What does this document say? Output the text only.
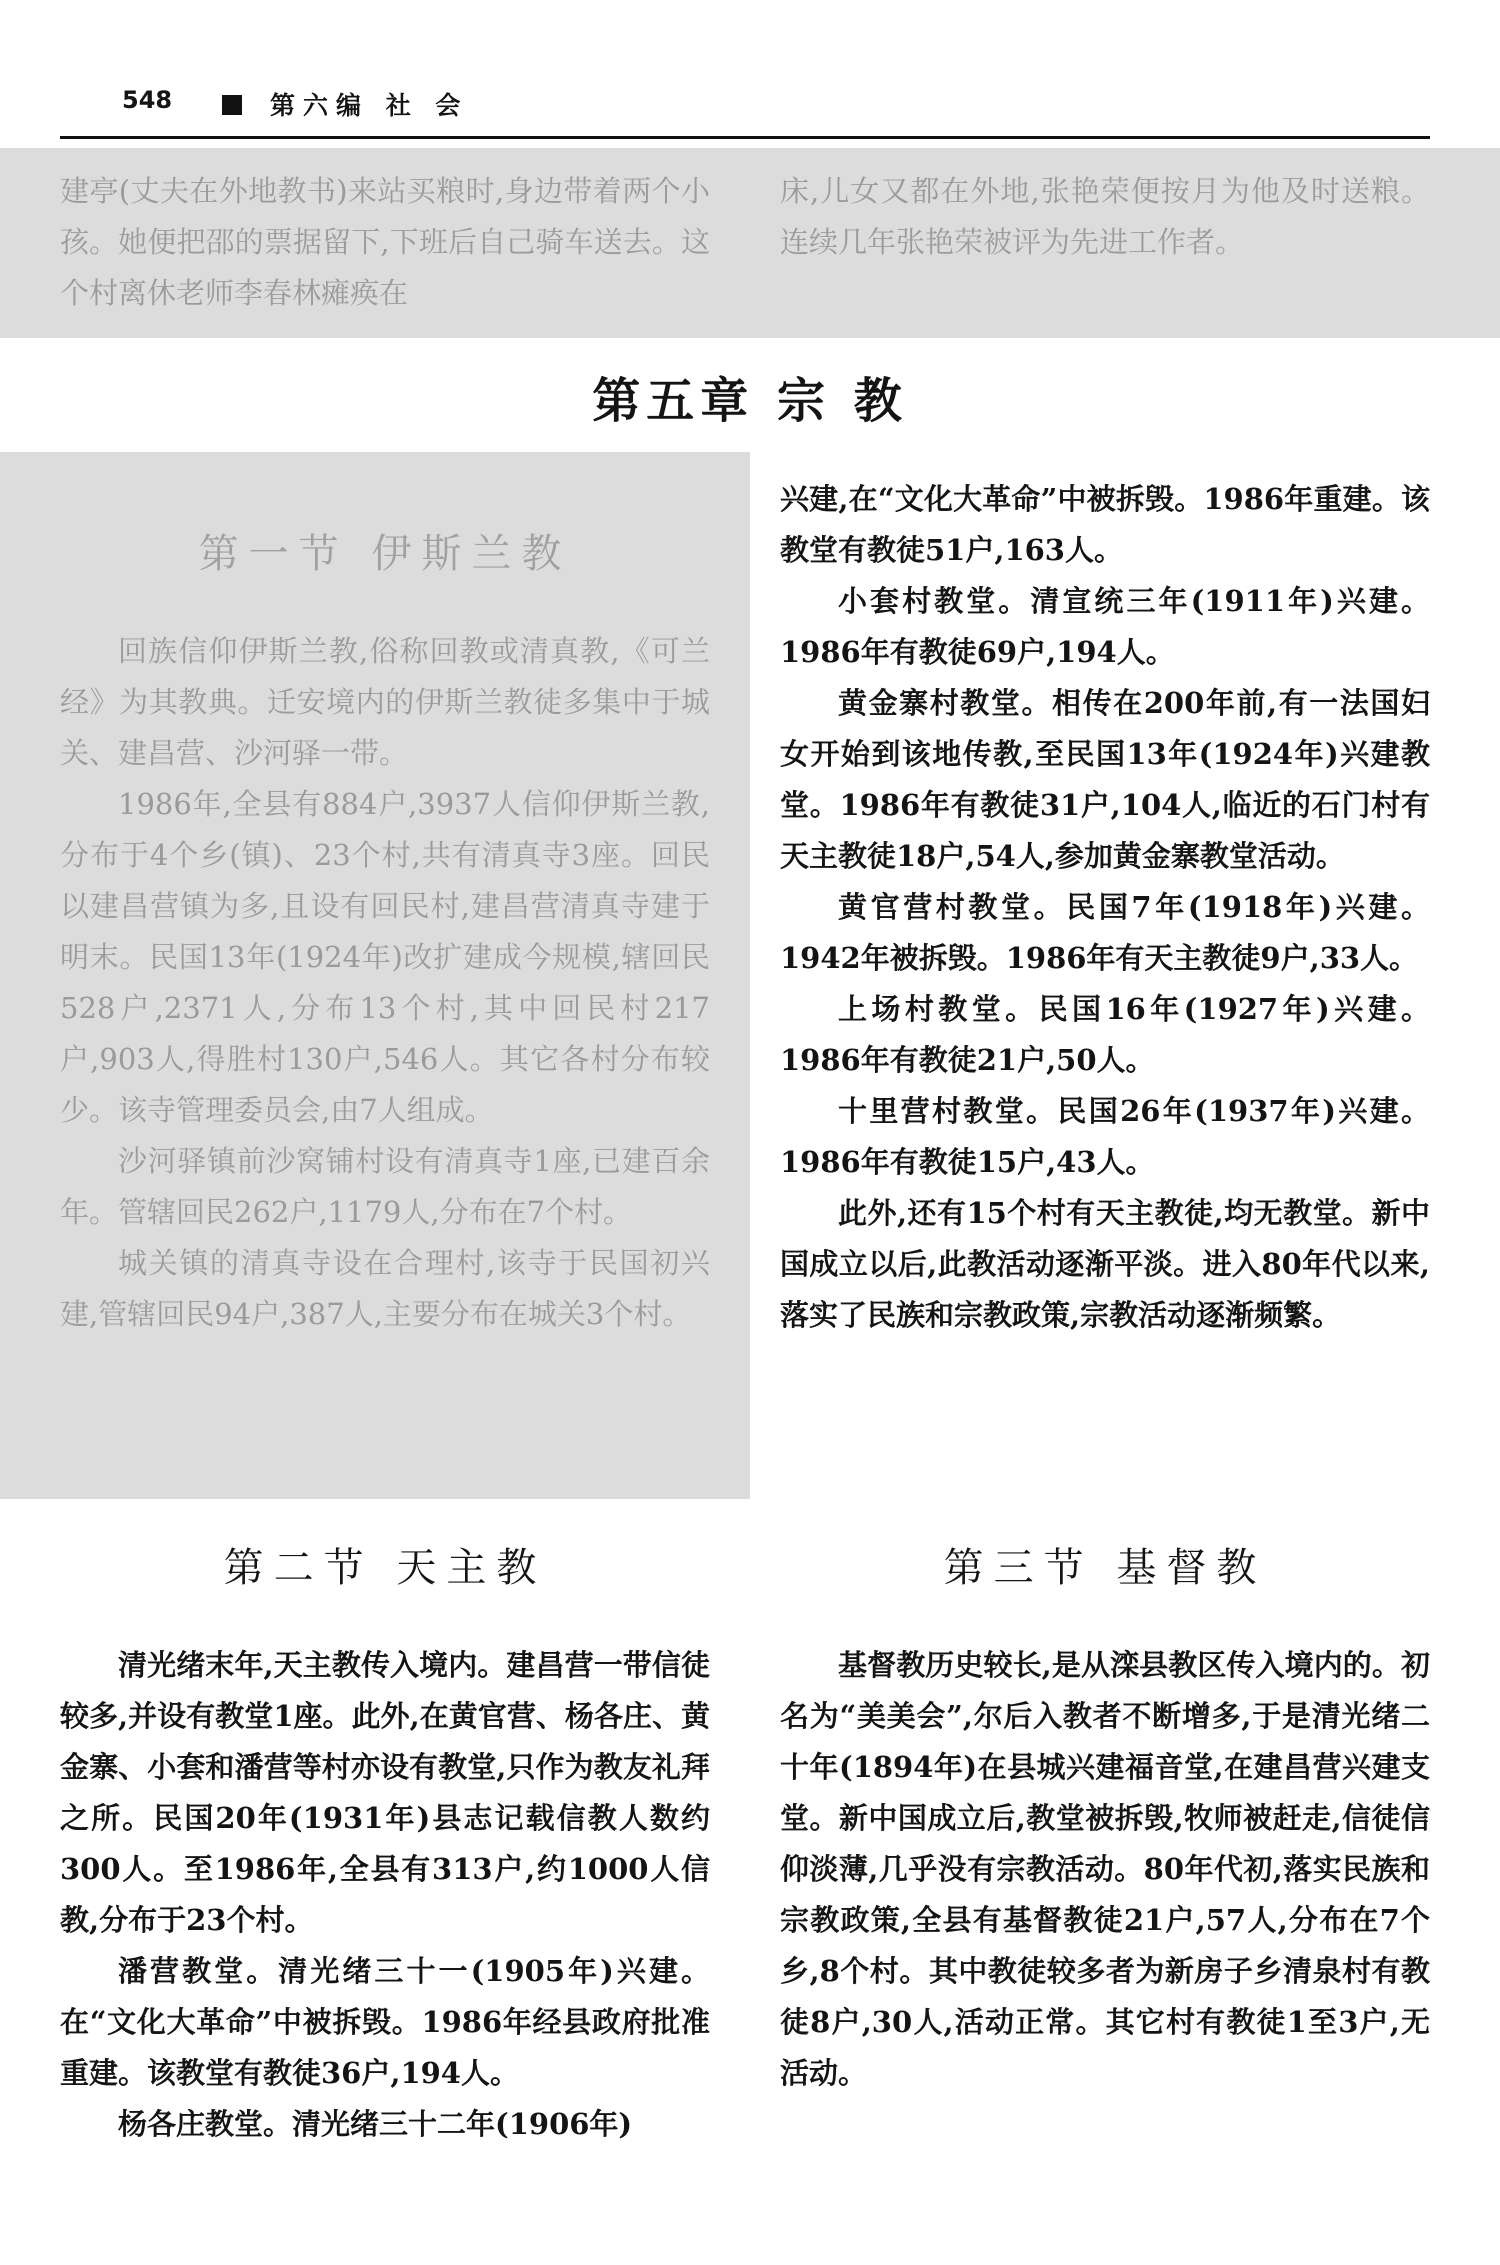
548	第六编 社 会

建亭(丈夫在外地教书)来站买粮时,身边带着两个小孩。她便把邵的票据留下,下班后自己骑车送去。这个村离休老师李春林瘫痪在

床,儿女又都在外地,张艳荣便按月为他及时送粮。连续几年张艳荣被评为先进工作者。

第五章 宗 教
第一节 伊斯兰教

回族信仰伊斯兰教,俗称回教或清真教,《可兰经》为其教典。迁安境内的伊斯兰教徒多集中于城关、建昌营、沙河驿一带。

1986年,全县有884户,3937人信仰伊斯兰教,分布于4个乡(镇)、23个村,共有清真寺3座。回民以建昌营镇为多,且设有回民村,建昌营清真寺建于明末。民国13年(1924年)改扩建成今规模,辖回民528户,2371人,分布13个村,其中回民村217户,903人,得胜村130户,546人。其它各村分布较少。该寺管理委员会,由7人组成。

沙河驿镇前沙窝铺村设有清真寺1座,已建百余年。管辖回民262户,1179人,分布在7个村。

城关镇的清真寺设在合理村,该寺于民国初兴建,管辖回民94户,387人,主要分布在城关3个村。

兴建,在“文化大革命”中被拆毁。1986年重建。该教堂有教徒51户,163人。

小套村教堂。清宣统三年(1911年)兴建。1986年有教徒69户,194人。

黄金寨村教堂。相传在200年前,有一法国妇女开始到该地传教,至民国13年(1924年)兴建教堂。1986年有教徒31户,104人,临近的石门村有天主教徒18户,54人,参加黄金寨教堂活动。

黄官营村教堂。民国7年(1918年)兴建。1942年被拆毁。1986年有天主教徒9户,33人。

上场村教堂。民国16年(1927年)兴建。1986年有教徒21户,50人。

十里营村教堂。民国26年(1937年)兴建。1986年有教徒15户,43人。

此外,还有15个村有天主教徒,均无教堂。新中国成立以后,此教活动逐渐平淡。进入80年代以来,落实了民族和宗教政策,宗教活动逐渐频繁。

第二节 天主教

清光绪末年,天主教传入境内。建昌营一带信徒较多,并设有教堂1座。此外,在黄官营、杨各庄、黄金寨、小套和潘营等村亦设有教堂,只作为教友礼拜之所。民国20年(1931年)县志记载信教人数约300人。至1986年,全县有313户,约1000人信教,分布于23个村。

潘营教堂。清光绪三十一(1905年)兴建。在“文化大革命”中被拆毁。1986年经县政府批准重建。该教堂有教徒36户,194人。

杨各庄教堂。清光绪三十二年(1906年)

第三节 基督教

基督教历史较长,是从滦县教区传入境内的。初名为“美美会”,尔后入教者不断增多,于是清光绪二十年(1894年)在县城兴建福音堂,在建昌营兴建支堂。新中国成立后,教堂被拆毁,牧师被赶走,信徒信仰淡薄,几乎没有宗教活动。80年代初,落实民族和宗教政策,全县有基督教徒21户,57人,分布在7个乡,8个村。其中教徒较多者为新房子乡清泉村有教徒8户,30人,活动正常。其它村有教徒1至3户,无活动。
